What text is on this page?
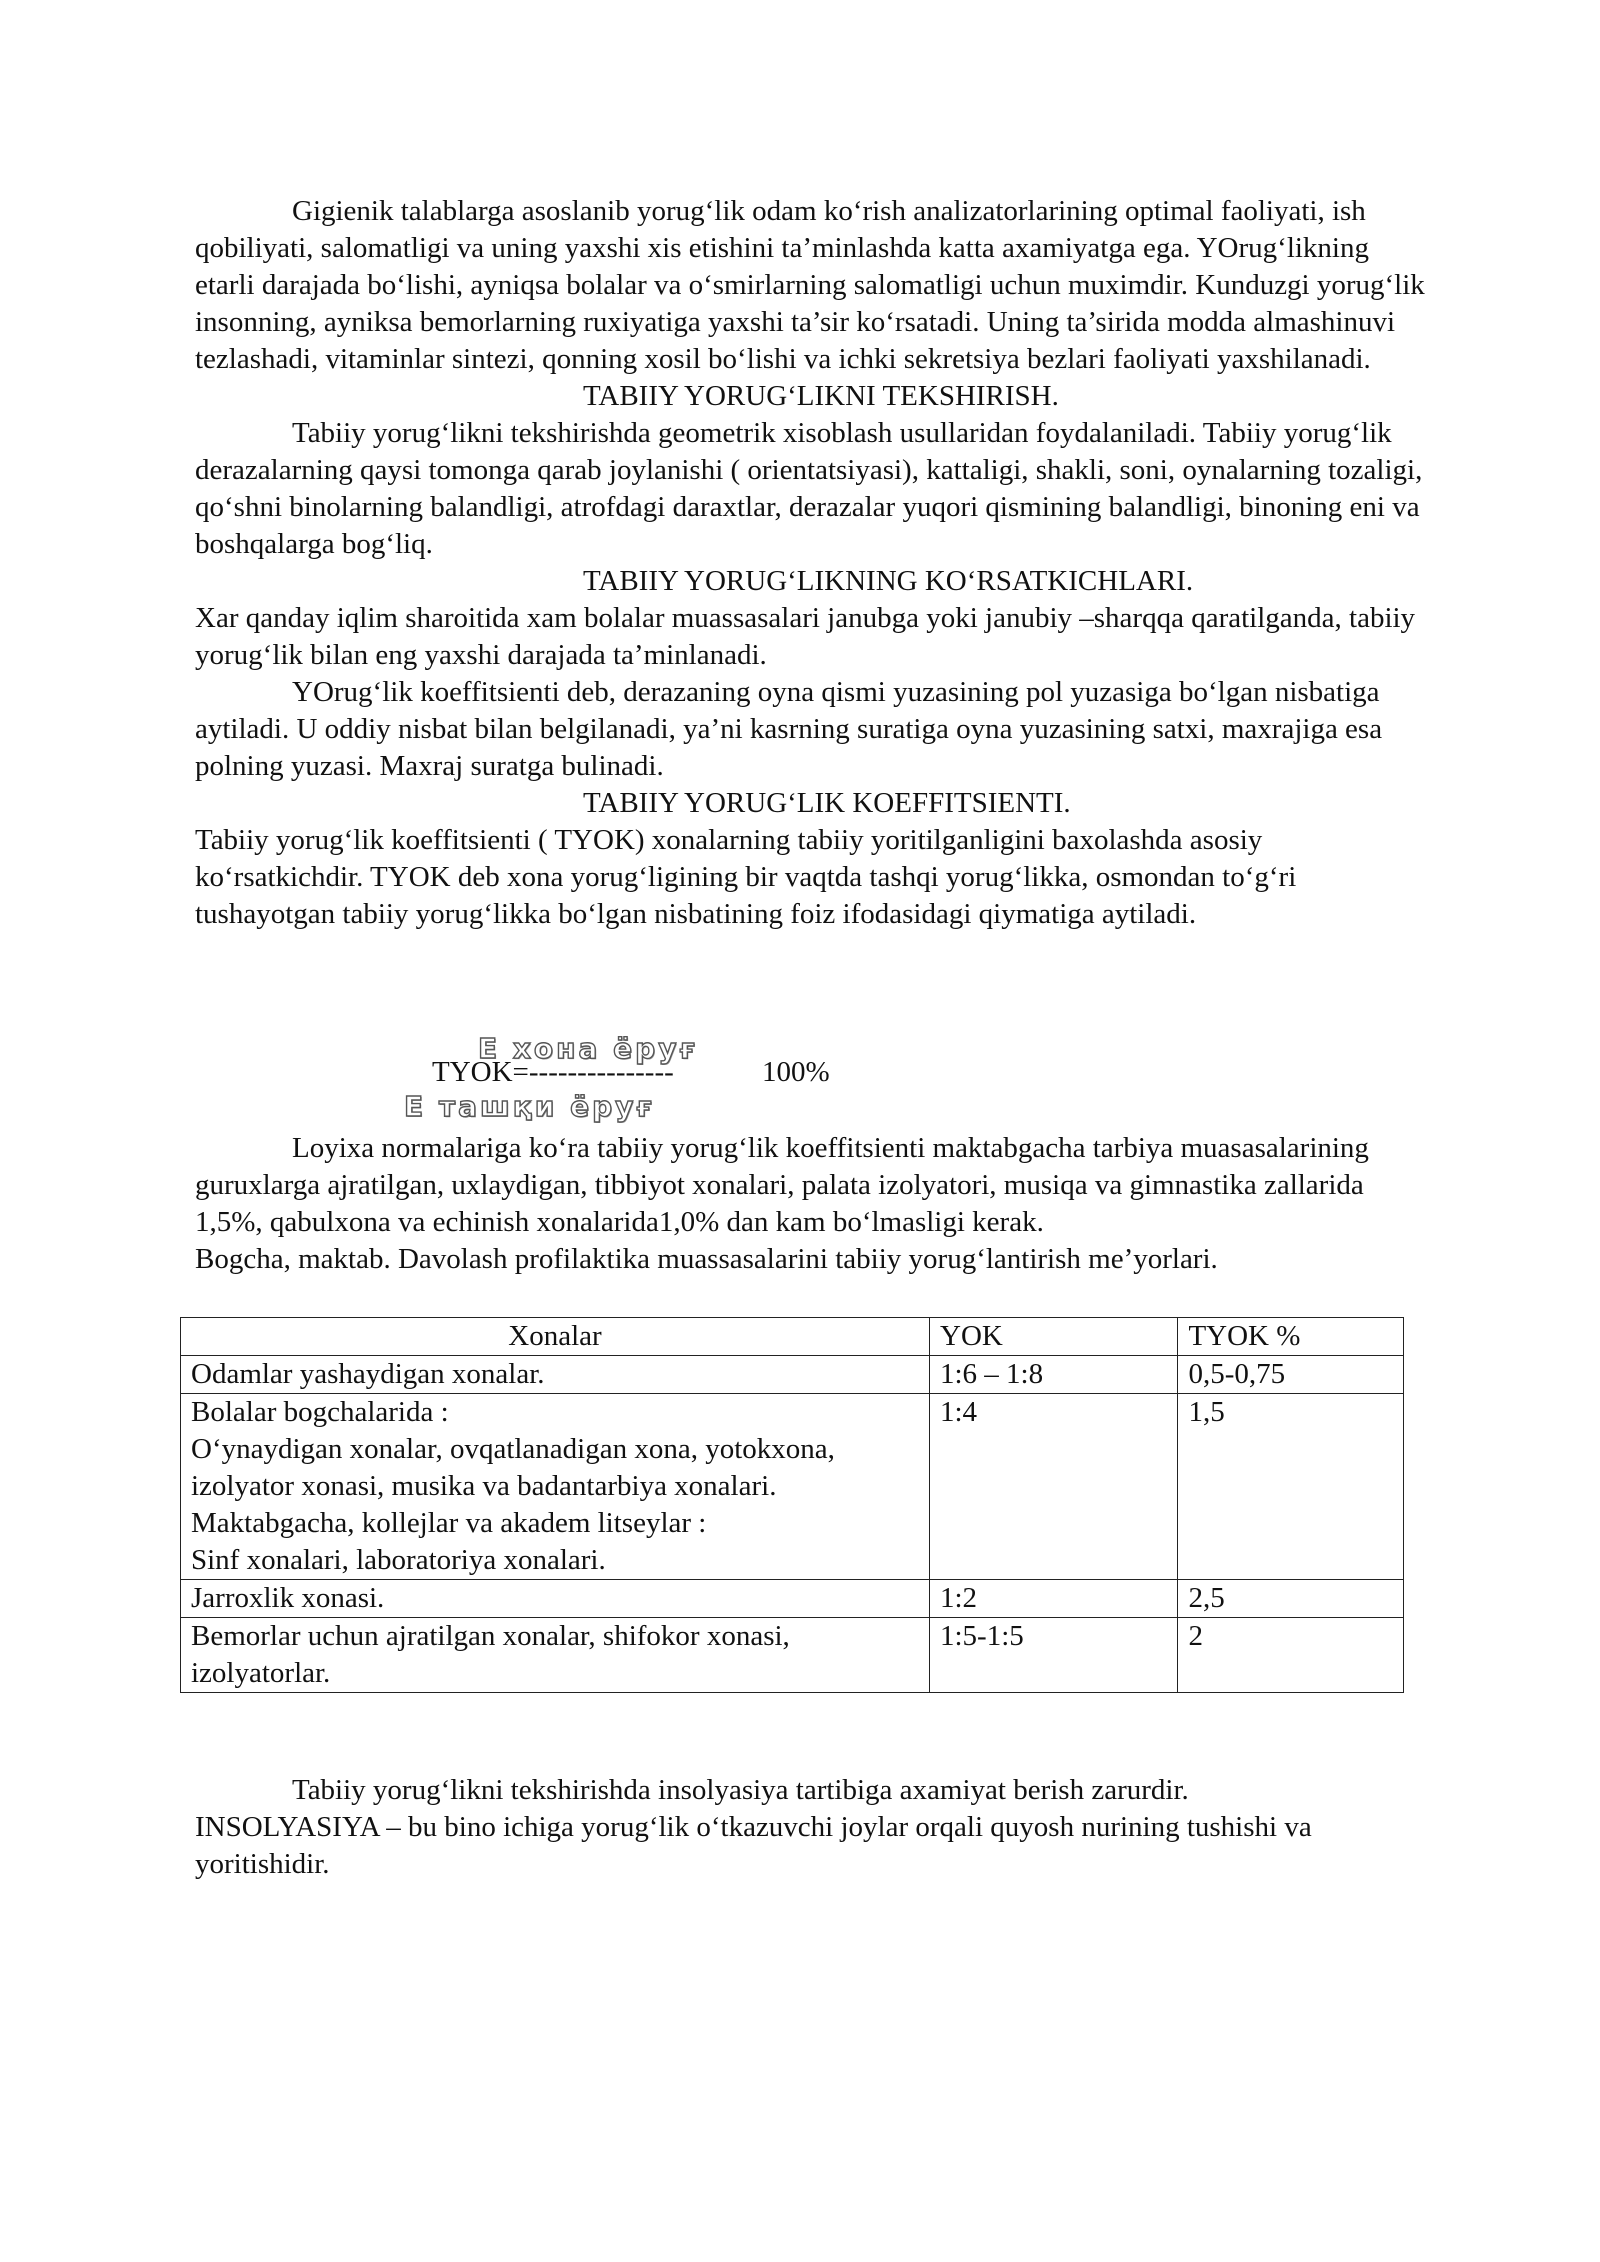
Gigienik talablarga asoslanib yorug‘lik odam ko‘rish analizatorlarining optimal faoliyati, ish qobiliyati, salomatligi va uning yaxshi xis etishini ta’minlashda katta axamiyatga ega. YOrug‘likning etarli darajada bo‘lishi, ayniqsa bolalar va o‘smirlarning salomatligi uchun muximdir. Kunduzgi yorug‘lik insonning, ayniksa bemorlarning ruxiyatiga yaxshi ta’sir ko‘rsatadi. Uning ta’sirida modda almashinuvi tezlashadi, vitaminlar sintezi, qonning xosil bo‘lishi va ichki sekretsiya bezlari faoliyati yaxshilanadi.

TABIIY YORUG‘LIKNI TEKSHIRISH.

Tabiiy yorug‘likni tekshirishda geometrik xisoblash usullaridan foydalaniladi. Tabiiy yorug‘lik derazalarning qaysi tomonga qarab joylanishi ( orientatsiyasi), kattaligi, shakli, soni, oynalarning tozaligi, qo‘shni binolarning balandligi, atrofdagi daraxtlar, derazalar yuqori qismining balandligi, binoning eni va boshqalarga bog‘liq.

TABIIY YORUG‘LIKNING KO‘RSATKICHLARI.

Xar qanday iqlim sharoitida xam bolalar muassasalari janubga yoki janubiy –sharqqa qaratilganda, tabiiy yorug‘lik bilan eng yaxshi darajada ta’minlanadi.

YOrug‘lik koeffitsienti deb, derazaning oyna qismi yuzasining pol yuzasiga bo‘lgan nisbatiga aytiladi. U oddiy nisbat bilan belgilanadi, ya’ni kasrning suratiga oyna yuzasining satxi, maxrajiga esa polning yuzasi. Maxraj suratga bulinadi.

TABIIY YORUG‘LIK KOEFFITSIENTI.

Tabiiy yorug‘lik koeffitsienti ( TYOK) xonalarning tabiiy yoritilganligini baxolashda asosiy ko‘rsatkichdir. TYOK deb xona yorug‘ligining bir vaqtda tashqi yorug‘likka, osmondan to‘g‘ri tushayotgan tabiiy yorug‘likka bo‘lgan nisbatining foiz ifodasidagi qiymatiga aytiladi.

Е хона ёруғ
TYOK=---------------	100%
Е ташқи ёруғ

Loyixa normalariga ko‘ra tabiiy yorug‘lik koeffitsienti maktabgacha tarbiya muasasalarining guruxlarga ajratilgan, uxlaydigan, tibbiyot xonalari, palata izolyatori, musiqa va gimnastika zallarida 1,5%, qabulxona va echinish xonalarida1,0% dan kam bo‘lmasligi kerak.

Bogcha, maktab. Davolash profilaktika muassasalarini tabiiy yorug‘lantirish me’yorlari.

Xonalar	YOK	TYOK %
Odamlar yashaydigan xonalar.	1:6 – 1:8	0,5-0,75

Bolalar bogchalarida :
O‘ynaydigan xonalar, ovqatlanadigan xona, yotokxona, izolyator xonasi, musika va badantarbiya xonalari.
Maktabgacha, kollejlar va akadem litseylar :
Sinf xonalari, laboratoriya xonalari.	1:4	1,5
Jarroxlik xonasi.	1:2	2,5
Bemorlar uchun ajratilgan xonalar, shifokor xonasi, izolyatorlar.	1:5-1:5	2

Tabiiy yorug‘likni tekshirishda insolyasiya tartibiga axamiyat berish zarurdir.

INSOLYASIYA – bu bino ichiga yorug‘lik o‘tkazuvchi joylar orqali quyosh nurining tushishi va yoritishidir.
